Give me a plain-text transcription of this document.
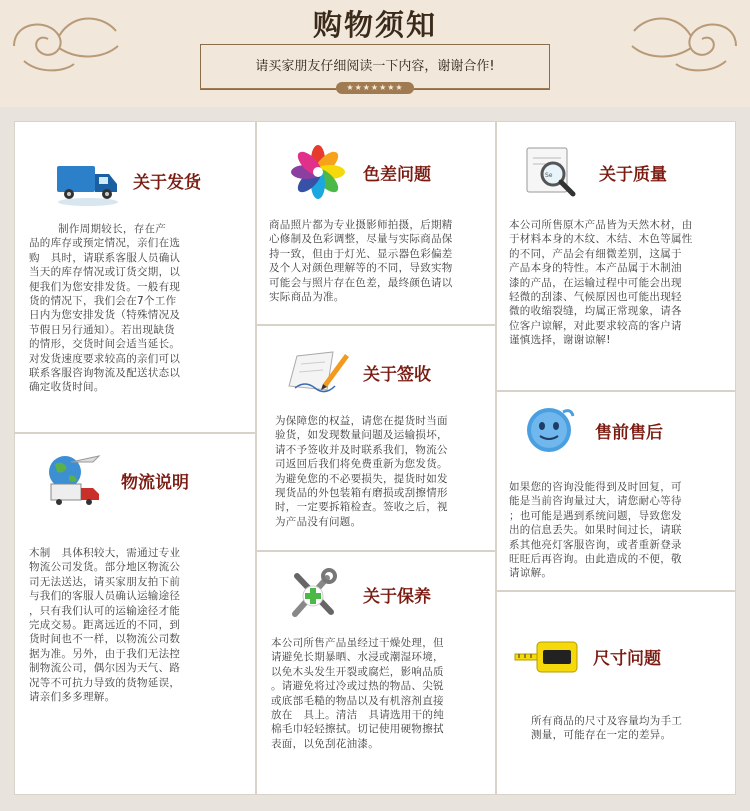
购物须知
请买家朋友仔细阅读一下内容，谢谢合作!
★★★★★★★
关于发货

制作周期较长，存在产
品的库存或预定情况，亲们在选
购   具时，请联系客服人员确认
当天的库存情况或订货交期，以
便我们为您安排发货。一般有现
货的情况下，我们会在7个工作
日内为您安排发货（特殊情况及
节假日另行通知）。若出现缺货
的情形，交货时间会适当延长。
对发货速度要求较高的亲们可以
联系客服咨询物流及配送状态以
确定收货时间。

色差问题

商品照片都为专业摄影师拍摄，后期精
心修制及色彩调整，尽量与实际商品保
持一致，但由于灯光、显示器色彩偏差
及个人对颜色理解等的不同，导致实物
可能会与照片存在色差，最终颜色请以
实际商品为准。

Se	关于质量

本公司所售原木产品皆为天然木材，由
于材料本身的木纹、木结、木色等属性
的不同，产品会有细微差别，这属于
产品本身的特性。本产品属于木制油
漆的产品，在运输过程中可能会出现
轻微的刮漆、气候原因也可能出现轻
微的收缩裂缝，均属正常现象，请各
位客户谅解，对此要求较高的客户请
谨慎选择，谢谢谅解!

关于签收

为保障您的权益，请您在提货时当面
验货，如发现数量问题及运输损坏，
请不予签收并及时联系我们，物流公
司返回后我们将免费重新为您发货。
为避免您的不必要损失，提货时如发
现货品的外包装箱有磨损或刮擦情形
时，一定要拆箱检查。签收之后，视
为产品没有问题。

售前售后

如果您的咨询没能得到及时回复，可
能是当前咨询量过大，请您耐心等待
；也可能是遇到系统问题，导致您发
出的信息丢失。如果时间过长，请联
系其他亮灯客服咨询，或者重新登录
旺旺后再咨询。由此造成的不便，敬
请谅解。

物流说明

木制   具体积较大，需通过专业
物流公司发货。部分地区物流公
司无法送达，请买家朋友拍下前
与我们的客服人员确认运输途径
，只有我们认可的运输途径才能
完成交易。距离远近的不同，到
货时间也不一样，以物流公司数
据为准。另外，由于我们无法控
制物流公司，偶尔因为天气、路
况等不可抗力导致的货物延误，
请亲们多多理解。

关于保养

本公司所售产品虽经过干燥处理，但
请避免长期暴晒、水浸或潮湿环境，
以免木头发生开裂或腐烂，影响品质
。请避免将过冷或过热的物品、尖锐
或底部毛糙的物品以及有机溶剂直接
放在   具上。清洁   具请选用干的纯
棉毛巾轻轻擦拭。切记使用硬物擦拭
表面，以免刮花油漆。

尺寸问题

所有商品的尺寸及容量均为手工
测量，可能存在一定的差异。
